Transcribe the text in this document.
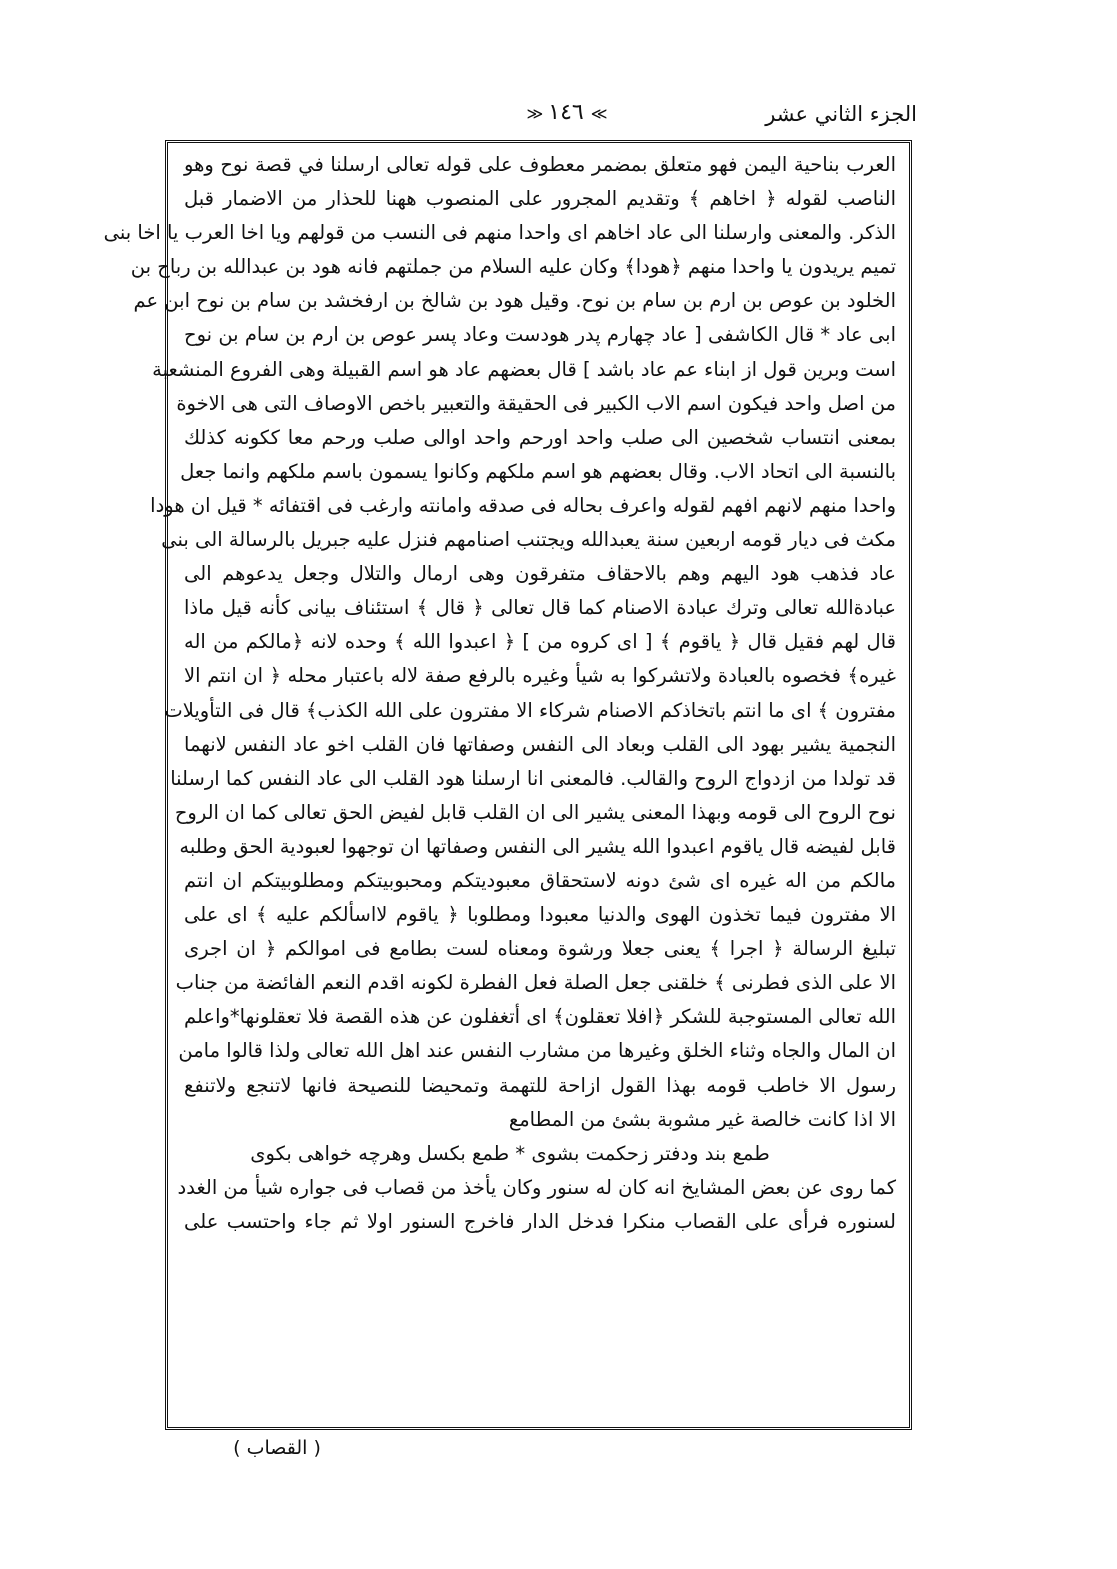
الجزء الثاني عشر
≫ ١٤٦ ≪
العرب بناحية اليمن فهو متعلق بمضمر معطوف على قوله تعالى ارسلنا في قصة نوح وهو
الناصب لقوله ﴿ اخاهم ﴾ وتقديم المجرور على المنصوب ههنا للحذار من الاضمار قبل
الذكر. والمعنى وارسلنا الى عاد اخاهم اى واحدا منهم فى النسب من قولهم ويا اخا العرب يا اخا بنى
تميم يريدون يا واحدا منهم ﴿هودا﴾ وكان عليه السلام من جملتهم فانه هود بن عبدالله بن رباح بن
الخلود بن عوص بن ارم بن سام بن نوح. وقيل هود بن شالخ بن ارفخشد بن سام بن نوح ابن عم
ابى عاد * قال الكاشفى [ عاد چهارم پدر هودست وعاد پسر عوص بن ارم بن سام بن نوح
است وبرين قول از ابناء عم عاد باشد ] قال بعضهم عاد هو اسم القبيلة وهى الفروع المنشعبة
من اصل واحد فيكون اسم الاب الكبير فى الحقيقة والتعبير باخص الاوصاف التى هى الاخوة
بمعنى انتساب شخصين الى صلب واحد اورحم واحد اوالى صلب ورحم معا ككونه كذلك
بالنسبة الى اتحاد الاب. وقال بعضهم هو اسم ملكهم وكانوا يسمون باسم ملكهم وانما جعل
واحدا منهم لانهم افهم لقوله واعرف بحاله فى صدقه وامانته وارغب فى اقتفائه * قيل ان هودا
مكث فى ديار قومه اربعين سنة يعبدالله ويجتنب اصنامهم فنزل عليه جبريل بالرسالة الى بنى
عاد فذهب هود اليهم وهم بالاحقاف متفرقون وهى ارمال والتلال وجعل يدعوهم الى
عبادةالله تعالى وترك عبادة الاصنام كما قال تعالى ﴿ قال ﴾ استئناف بيانى كأنه قيل ماذا
قال لهم فقيل قال ﴿ ياقوم ﴾ [ اى كروه من ] ﴿ اعبدوا الله ﴾ وحده لانه ﴿مالكم من اله
غيره﴾ فخصوه بالعبادة ولاتشركوا به شيأ وغيره بالرفع صفة لاله باعتبار محله ﴿ ان انتم الا
مفترون ﴾ اى ما انتم باتخاذكم الاصنام شركاء الا مفترون على الله الكذب﴾ قال فى التأويلات
النجمية يشير بهود الى القلب وبعاد الى النفس وصفاتها فان القلب اخو عاد النفس لانهما
قد تولدا من ازدواج الروح والقالب. فالمعنى انا ارسلنا هود القلب الى عاد النفس كما ارسلنا
نوح الروح الى قومه وبهذا المعنى يشير الى ان القلب قابل لفيض الحق تعالى كما ان الروح
قابل لفيضه قال ياقوم اعبدوا الله يشير الى النفس وصفاتها ان توجهوا لعبودية الحق وطلبه
مالكم من اله غيره اى شئ دونه لاستحقاق معبوديتكم ومحبوبيتكم ومطلوبيتكم ان انتم
الا مفترون فيما تخذون الهوى والدنيا معبودا ومطلوبا ﴿ ياقوم لااسألكم عليه ﴾ اى على
تبليغ الرسالة ﴿ اجرا ﴾ يعنى جعلا ورشوة ومعناه لست بطامع فى اموالكم ﴿ ان اجرى
الا على الذى فطرنى ﴾ خلقنى جعل الصلة فعل الفطرة لكونه اقدم النعم الفائضة من جناب
الله تعالى المستوجبة للشكر ﴿افلا تعقلون﴾ اى أتغفلون عن هذه القصة فلا تعقلونها*واعلم
ان المال والجاه وثناء الخلق وغيرها من مشارب النفس عند اهل الله تعالى ولذا قالوا مامن
رسول الا خاطب قومه بهذا القول ازاحة للتهمة وتمحيضا للنصيحة فانها لاتنجع ولاتنفع
الا اذا كانت خالصة غير مشوبة بشئ من المطامع
طمع بند ودفتر زحكمت بشوى * طمع بكسل وهرچه خواهى بكوى
كما روى عن بعض المشايخ انه كان له سنور وكان يأخذ من قصاب فى جواره شيأ من الغدد
لسنوره فرأى على القصاب منكرا فدخل الدار فاخرج السنور اولا ثم جاء واحتسب على
( القصاب )
